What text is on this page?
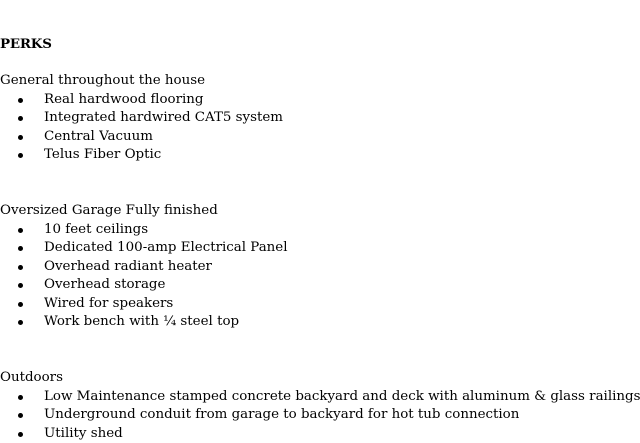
PERKS
General throughout the house
Real hardwood flooring
Integrated hardwired CAT5 system
Central Vacuum
Telus Fiber Optic
Oversized Garage Fully finished
10 feet ceilings
Dedicated 100-amp Electrical Panel
Overhead radiant heater
Overhead storage
Wired for speakers
Work bench with ¼ steel top
Outdoors
Low Maintenance stamped concrete backyard and deck with aluminum & glass railings
Underground conduit from garage to backyard for hot tub connection
Utility shed
